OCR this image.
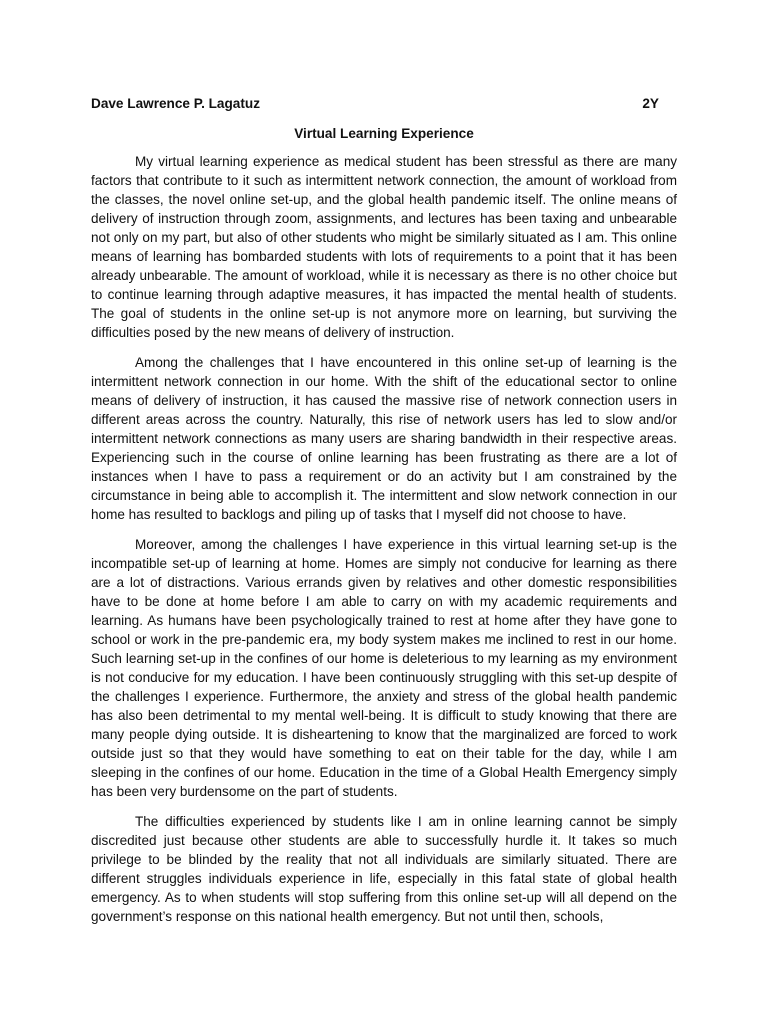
Dave Lawrence P. Lagatuz	2Y
Virtual Learning Experience

My virtual learning experience as medical student has been stressful as there are many factors that contribute to it such as intermittent network connection, the amount of workload from the classes, the novel online set-up, and the global health pandemic itself. The online means of delivery of instruction through zoom, assignments, and lectures has been taxing and unbearable not only on my part, but also of other students who might be similarly situated as I am. This online means of learning has bombarded students with lots of requirements to a point that it has been already unbearable. The amount of workload, while it is necessary as there is no other choice but to continue learning through adaptive measures, it has impacted the mental health of students. The goal of students in the online set-up is not anymore more on learning, but surviving the difficulties posed by the new means of delivery of instruction.

Among the challenges that I have encountered in this online set-up of learning is the intermittent network connection in our home. With the shift of the educational sector to online means of delivery of instruction, it has caused the massive rise of network connection users in different areas across the country. Naturally, this rise of network users has led to slow and/or intermittent network connections as many users are sharing bandwidth in their respective areas. Experiencing such in the course of online learning has been frustrating as there are a lot of instances when I have to pass a requirement or do an activity but I am constrained by the circumstance in being able to accomplish it. The intermittent and slow network connection in our home has resulted to backlogs and piling up of tasks that I myself did not choose to have.

Moreover, among the challenges I have experience in this virtual learning set-up is the incompatible set-up of learning at home. Homes are simply not conducive for learning as there are a lot of distractions. Various errands given by relatives and other domestic responsibilities have to be done at home before I am able to carry on with my academic requirements and learning. As humans have been psychologically trained to rest at home after they have gone to school or work in the pre-pandemic era, my body system makes me inclined to rest in our home. Such learning set-up in the confines of our home is deleterious to my learning as my environment is not conducive for my education. I have been continuously struggling with this set-up despite of the challenges I experience. Furthermore, the anxiety and stress of the global health pandemic has also been detrimental to my mental well-being. It is difficult to study knowing that there are many people dying outside. It is disheartening to know that the marginalized are forced to work outside just so that they would have something to eat on their table for the day, while I am sleeping in the confines of our home. Education in the time of a Global Health Emergency simply has been very burdensome on the part of students.

The difficulties experienced by students like I am in online learning cannot be simply discredited just because other students are able to successfully hurdle it. It takes so much privilege to be blinded by the reality that not all individuals are similarly situated. There are different struggles individuals experience in life, especially in this fatal state of global health emergency. As to when students will stop suffering from this online set-up will all depend on the government’s response on this national health emergency. But not until then, schools,
